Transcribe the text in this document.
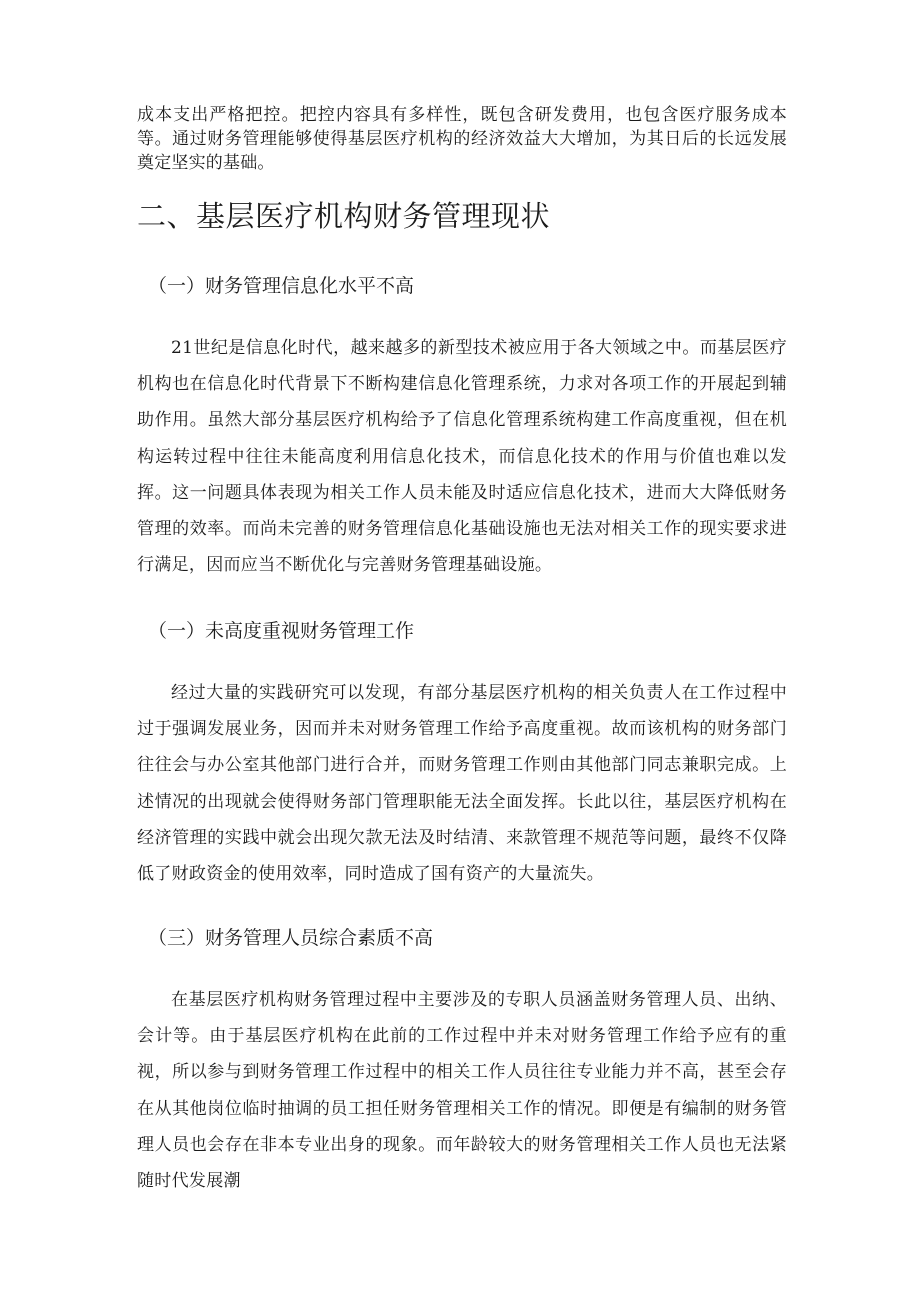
成本支出严格把控。把控内容具有多样性，既包含研发费用，也包含医疗服务成本等。通过财务管理能够使得基层医疗机构的经济效益大大增加，为其日后的长远发展奠定坚实的基础。

二、基层医疗机构财务管理现状
（一）财务管理信息化水平不高

21世纪是信息化时代，越来越多的新型技术被应用于各大领域之中。而基层医疗机构也在信息化时代背景下不断构建信息化管理系统，力求对各项工作的开展起到辅助作用。虽然大部分基层医疗机构给予了信息化管理系统构建工作高度重视，但在机构运转过程中往往未能高度利用信息化技术，而信息化技术的作用与价值也难以发挥。这一问题具体表现为相关工作人员未能及时适应信息化技术，进而大大降低财务管理的效率。而尚未完善的财务管理信息化基础设施也无法对相关工作的现实要求进行满足，因而应当不断优化与完善财务管理基础设施。

（一）未高度重视财务管理工作

经过大量的实践研究可以发现，有部分基层医疗机构的相关负责人在工作过程中过于强调发展业务，因而并未对财务管理工作给予高度重视。故而该机构的财务部门往往会与办公室其他部门进行合并，而财务管理工作则由其他部门同志兼职完成。上述情况的出现就会使得财务部门管理职能无法全面发挥。长此以往，基层医疗机构在经济管理的实践中就会出现欠款无法及时结清、来款管理不规范等问题，最终不仅降低了财政资金的使用效率，同时造成了国有资产的大量流失。

（三）财务管理人员综合素质不高

在基层医疗机构财务管理过程中主要涉及的专职人员涵盖财务管理人员、出纳、会计等。由于基层医疗机构在此前的工作过程中并未对财务管理工作给予应有的重视，所以参与到财务管理工作过程中的相关工作人员往往专业能力并不高，甚至会存在从其他岗位临时抽调的员工担任财务管理相关工作的情况。即便是有编制的财务管理人员也会存在非本专业出身的现象。而年龄较大的财务管理相关工作人员也无法紧随时代发展潮
